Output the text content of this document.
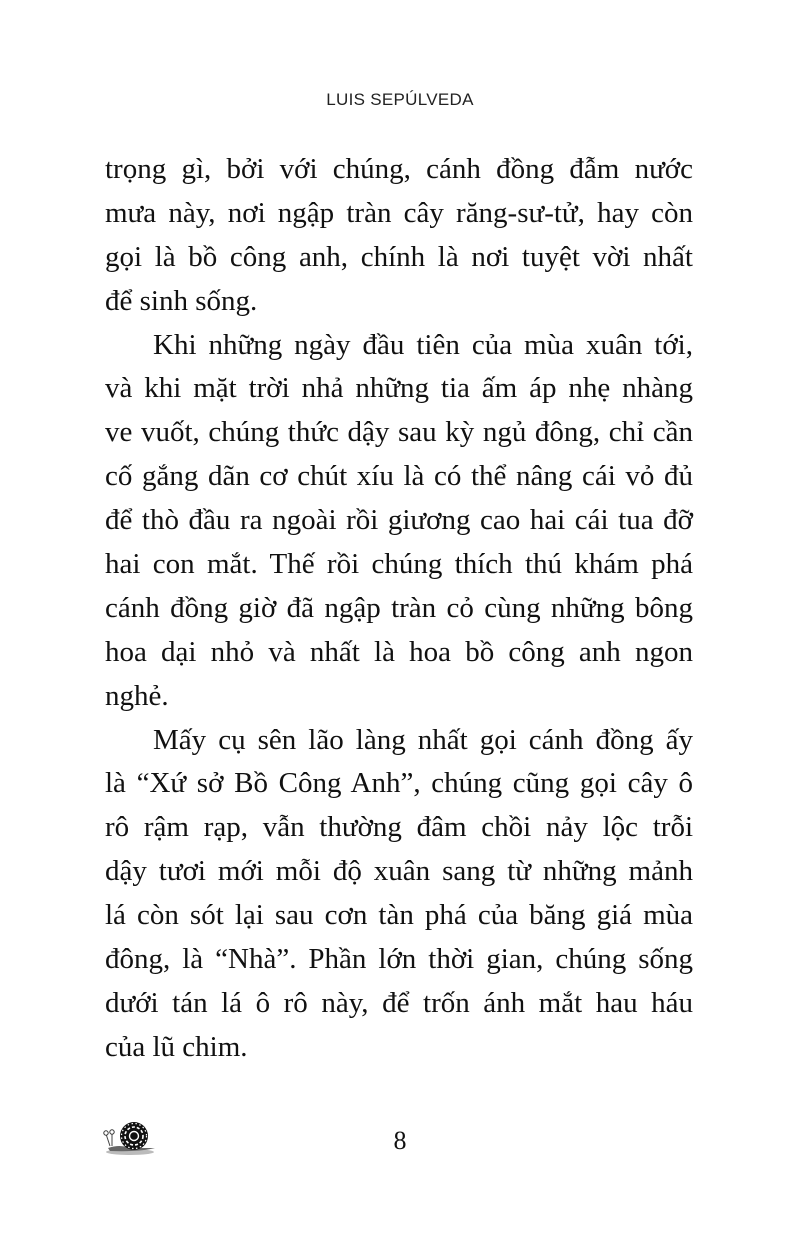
LUIS SEPÚLVEDA
trọng gì, bởi với chúng, cánh đồng đẫm nước
mưa này, nơi ngập tràn cây răng-sư-tử, hay còn
gọi là bồ công anh, chính là nơi tuyệt vời nhất
để sinh sống.
Khi những ngày đầu tiên của mùa xuân tới,
và khi mặt trời nhả những tia ấm áp nhẹ nhàng
ve vuốt, chúng thức dậy sau kỳ ngủ đông, chỉ cần
cố gắng dãn cơ chút xíu là có thể nâng cái vỏ đủ
để thò đầu ra ngoài rồi giương cao hai cái tua đỡ
hai con mắt. Thế rồi chúng thích thú khám phá
cánh đồng giờ đã ngập tràn cỏ cùng những bông
hoa dại nhỏ và nhất là hoa bồ công anh ngon
nghẻ.
Mấy cụ sên lão làng nhất gọi cánh đồng ấy
là “Xứ sở Bồ Công Anh”, chúng cũng gọi cây ô
rô rậm rạp, vẫn thường đâm chồi nảy lộc trỗi
dậy tươi mới mỗi độ xuân sang từ những mảnh
lá còn sót lại sau cơn tàn phá của băng giá mùa
đông, là “Nhà”. Phần lớn thời gian, chúng sống
dưới tán lá ô rô này, để trốn ánh mắt hau háu
của lũ chim.
8
